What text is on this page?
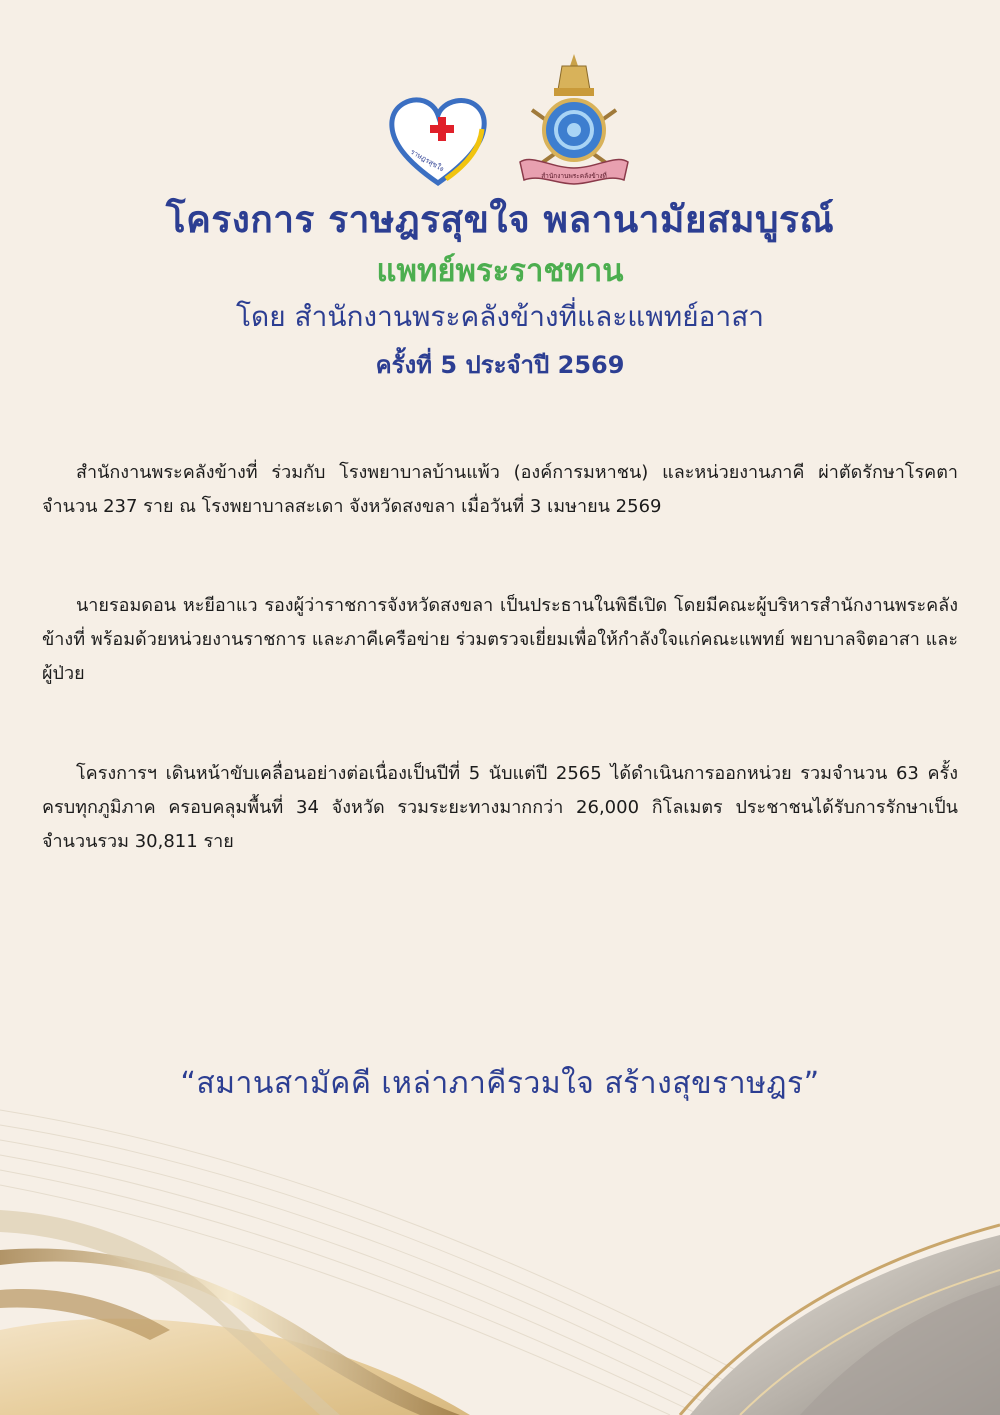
ราษฎรสุขใจ
สำนักงานพระคลังข้างที่
โครงการ ราษฎรสุขใจ พลานามัยสมบูรณ์
แพทย์พระราชทาน

โดย สำนักงานพระคลังข้างที่และแพทย์อาสา

ครั้งที่ 5 ประจำปี 2569

สำนักงานพระคลังข้างที่ ร่วมกับ โรงพยาบาลบ้านแพ้ว (องค์การมหาชน) และหน่วยงานภาคี ผ่าตัดรักษาโรคตา จำนวน 237 ราย ณ โรงพยาบาลสะเดา จังหวัดสงขลา เมื่อวันที่ 3 เมษายน 2569

นายรอมดอน หะยีอาแว รองผู้ว่าราชการจังหวัดสงขลา เป็นประธานในพิธีเปิด โดยมีคณะผู้บริหารสำนักงานพระคลังข้างที่ พร้อมด้วยหน่วยงานราชการ และภาคีเครือข่าย ร่วมตรวจเยี่ยมเพื่อให้กำลังใจแก่คณะแพทย์ พยาบาลจิตอาสา และผู้ป่วย

โครงการฯ เดินหน้าขับเคลื่อนอย่างต่อเนื่องเป็นปีที่ 5 นับแต่ปี 2565 ได้ดำเนินการออกหน่วย รวมจำนวน 63 ครั้ง ครบทุกภูมิภาค ครอบคลุมพื้นที่ 34 จังหวัด รวมระยะทางมากกว่า 26,000 กิโลเมตร ประชาชนได้รับการรักษาเป็นจำนวนรวม 30,811 ราย

“สมานสามัคคี เหล่าภาคีรวมใจ สร้างสุขราษฎร”
